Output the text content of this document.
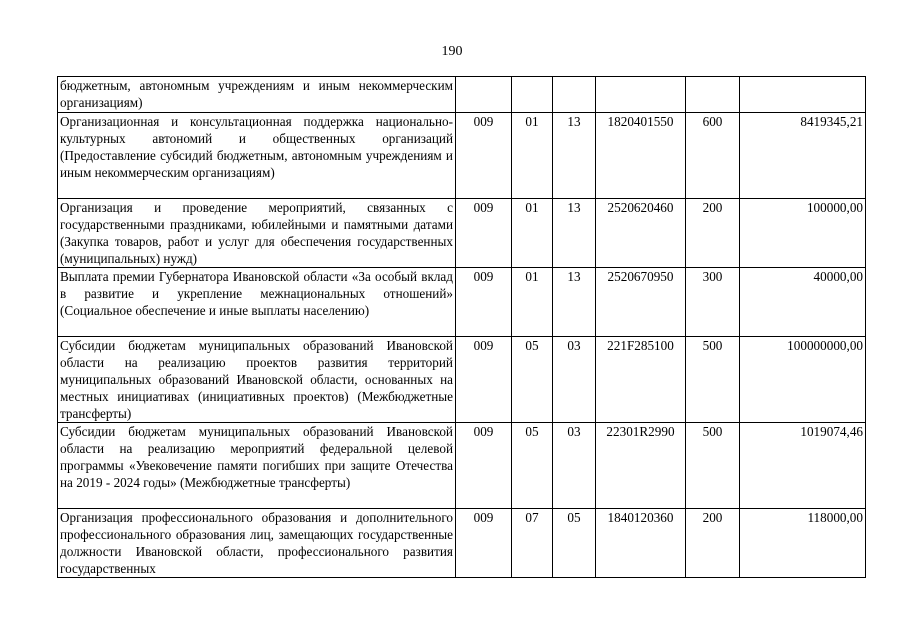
190
бюджетным, автономным учреждениям и иным некоммерческим организациям)						
Организационная и консультационная поддержка национально-культурных автономий и общественных организаций (Предоставление субсидий бюджетным, автономным учреждениям и иным некоммерческим организациям)	009	01	13	1820401550	600	8419345,21
Организация и проведение мероприятий, связанных с государственными праздниками, юбилейными и памятными датами (Закупка товаров, работ и услуг для обеспечения государственных (муниципальных) нужд)	009	01	13	2520620460	200	100000,00
Выплата премии Губернатора Ивановской области «За особый вклад в развитие и укрепление межнациональных отношений» (Социальное обеспечение и иные выплаты населению)	009	01	13	2520670950	300	40000,00
Субсидии бюджетам муниципальных образований Ивановской области на реализацию проектов развития территорий муниципальных образований Ивановской области, основанных на местных инициативах (инициативных проектов) (Межбюджетные трансферты)	009	05	03	221F285100	500	100000000,00
Субсидии бюджетам муниципальных образований Ивановской области на реализацию мероприятий федеральной целевой программы «Увековечение памяти погибших при защите Отечества на 2019 - 2024 годы» (Межбюджетные трансферты)	009	05	03	22301R2990	500	1019074,46
Организация профессионального образования и дополнительного профессионального образования лиц, замещающих государственные должности Ивановской области, профессионального развития государственных	009	07	05	1840120360	200	118000,00
